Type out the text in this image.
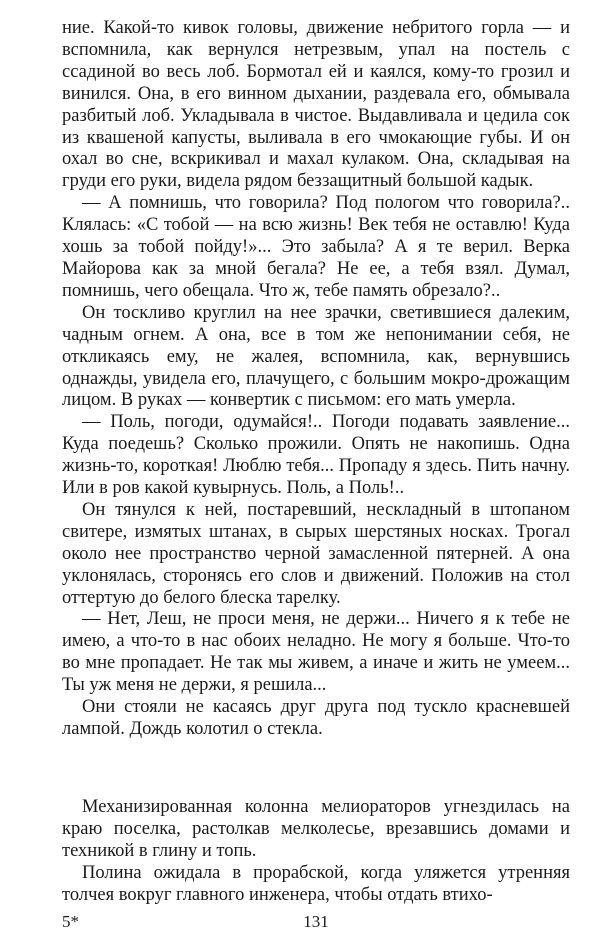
ние. Какой-то кивок головы, движение небритого горла — и вспомнила, как вернулся нетрезвым, упал на постель с ссадиной во весь лоб. Бормотал ей и каялся, кому-то грозил и винился. Она, в его винном дыхании, раздевала его, обмывала разбитый лоб. Укладывала в чистое. Выдавливала и цедила сок из квашеной капусты, выливала в его чмокающие губы. И он охал во сне, вскрикивал и махал кулаком. Она, складывая на груди его руки, видела рядом беззащитный большой кадык.

— А помнишь, что говорила? Под пологом что говорила?.. Клялась: «С тобой — на всю жизнь! Век тебя не оставлю! Куда хошь за тобой пойду!»... Это забыла? А я те верил. Верка Майорова как за мной бегала? Не ее, а тебя взял. Думал, помнишь, чего обещала. Что ж, тебе память обрезало?..

Он тоскливо круглил на нее зрачки, светившиеся далеким, чадным огнем. А она, все в том же непонимании себя, не откликаясь ему, не жалея, вспомнила, как, вернувшись однажды, увидела его, плачущего, с большим мокро-дрожащим лицом. В руках — конвертик с письмом: его мать умерла.

— Поль, погоди, одумайся!.. Погоди подавать заявление... Куда поедешь? Сколько прожили. Опять не накопишь. Одна жизнь-то, короткая! Люблю тебя... Пропаду я здесь. Пить начну. Или в ров какой кувырнусь. Поль, а Поль!..

Он тянулся к ней, постаревший, нескладный в штопаном свитере, измятых штанах, в сырых шерстяных носках. Трогал около нее пространство черной замасленной пятерней. А она уклонялась, сторонясь его слов и движений. Положив на стол оттертую до белого блеска тарелку.

— Нет, Леш, не проси меня, не держи... Ничего я к тебе не имею, а что-то в нас обоих неладно. Не могу я больше. Что-то во мне пропадает. Не так мы живем, а иначе и жить не умеем... Ты уж меня не держи, я решила...

Они стояли не касаясь друг друга под тускло красневшей лампой. Дождь колотил о стекла.

Механизированная колонна мелиораторов угнездилась на краю поселка, растолкав мелколесье, врезавшись домами и техникой в глину и топь.

Полина ожидала в прорабской, когда уляжется утренняя толчея вокруг главного инженера, чтобы отдать втихо-

5*	131
